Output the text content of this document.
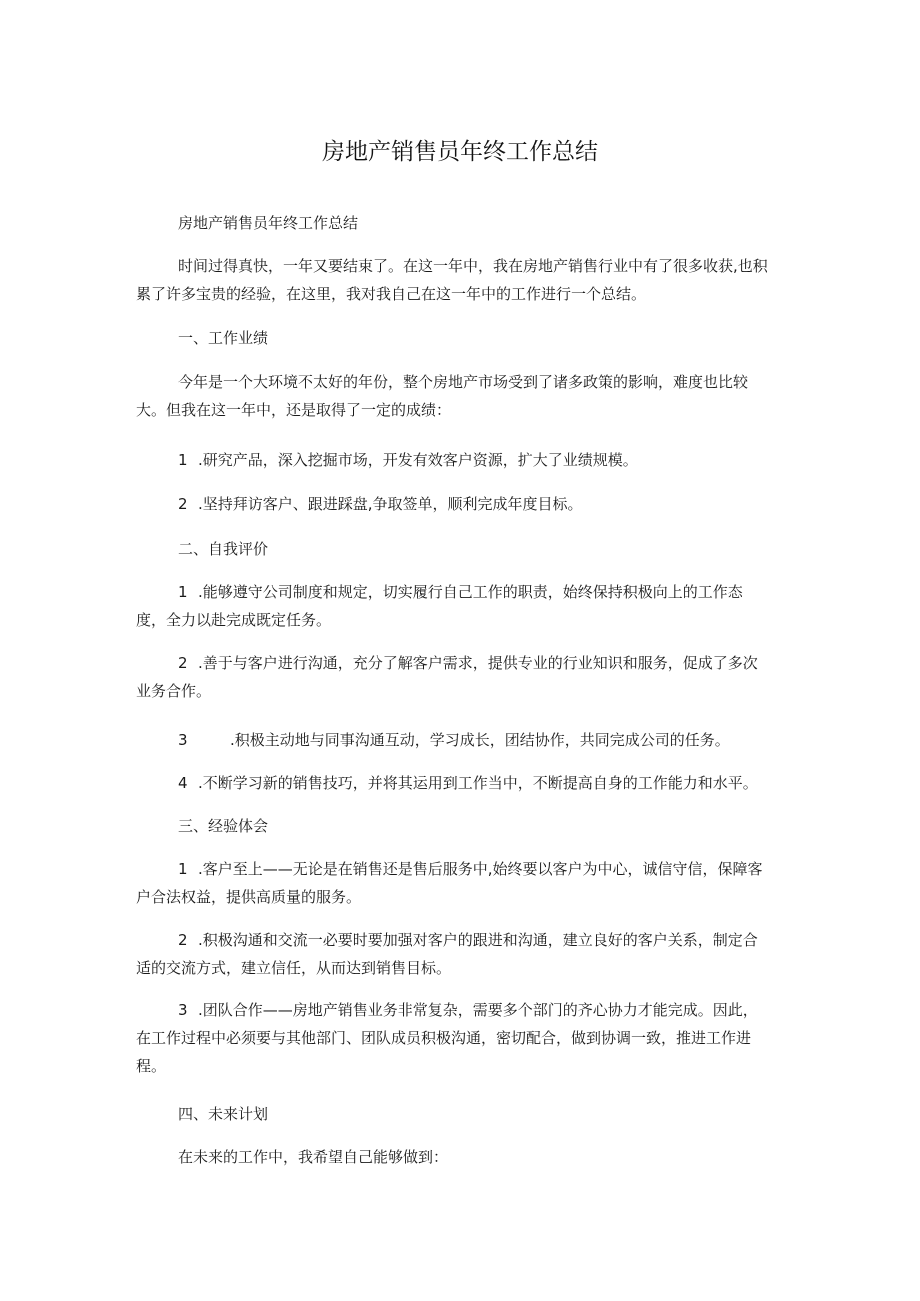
房地产销售员年终工作总结
房地产销售员年终工作总结
时间过得真快，一年又要结束了。在这一年中，我在房地产销售行业中有了很多收获,也积
累了许多宝贵的经验，在这里，我对我自己在这一年中的工作进行一个总结。
一、工作业绩
今年是一个大环境不太好的年份，整个房地产市场受到了诸多政策的影响，难度也比较
大。但我在这一年中，还是取得了一定的成绩：
1 .研究产品，深入挖掘市场，开发有效客户资源，扩大了业绩规模。
2 .坚持拜访客户、跟进踩盘,争取签单，顺利完成年度目标。
二、自我评价
1 .能够遵守公司制度和规定，切实履行自己工作的职责，始终保持积极向上的工作态
度，全力以赴完成既定任务。
2 .善于与客户进行沟通，充分了解客户需求，提供专业的行业知识和服务，促成了多次
业务合作。
3	.积极主动地与同事沟通互动，学习成长，团结协作，共同完成公司的任务。
4 .不断学习新的销售技巧，并将其运用到工作当中，不断提高自身的工作能力和水平。
三、经验体会
1 .客户至上——无论是在销售还是售后服务中,始终要以客户为中心，诚信守信，保障客
户合法权益，提供高质量的服务。
2 .积极沟通和交流一必要时要加强对客户的跟进和沟通，建立良好的客户关系，制定合
适的交流方式，建立信任，从而达到销售目标。
3 .团队合作——房地产销售业务非常复杂，需要多个部门的齐心协力才能完成。因此，
在工作过程中必须要与其他部门、团队成员积极沟通，密切配合，做到协调一致，推进工作进
程。
四、未来计划
在未来的工作中，我希望自己能够做到：
